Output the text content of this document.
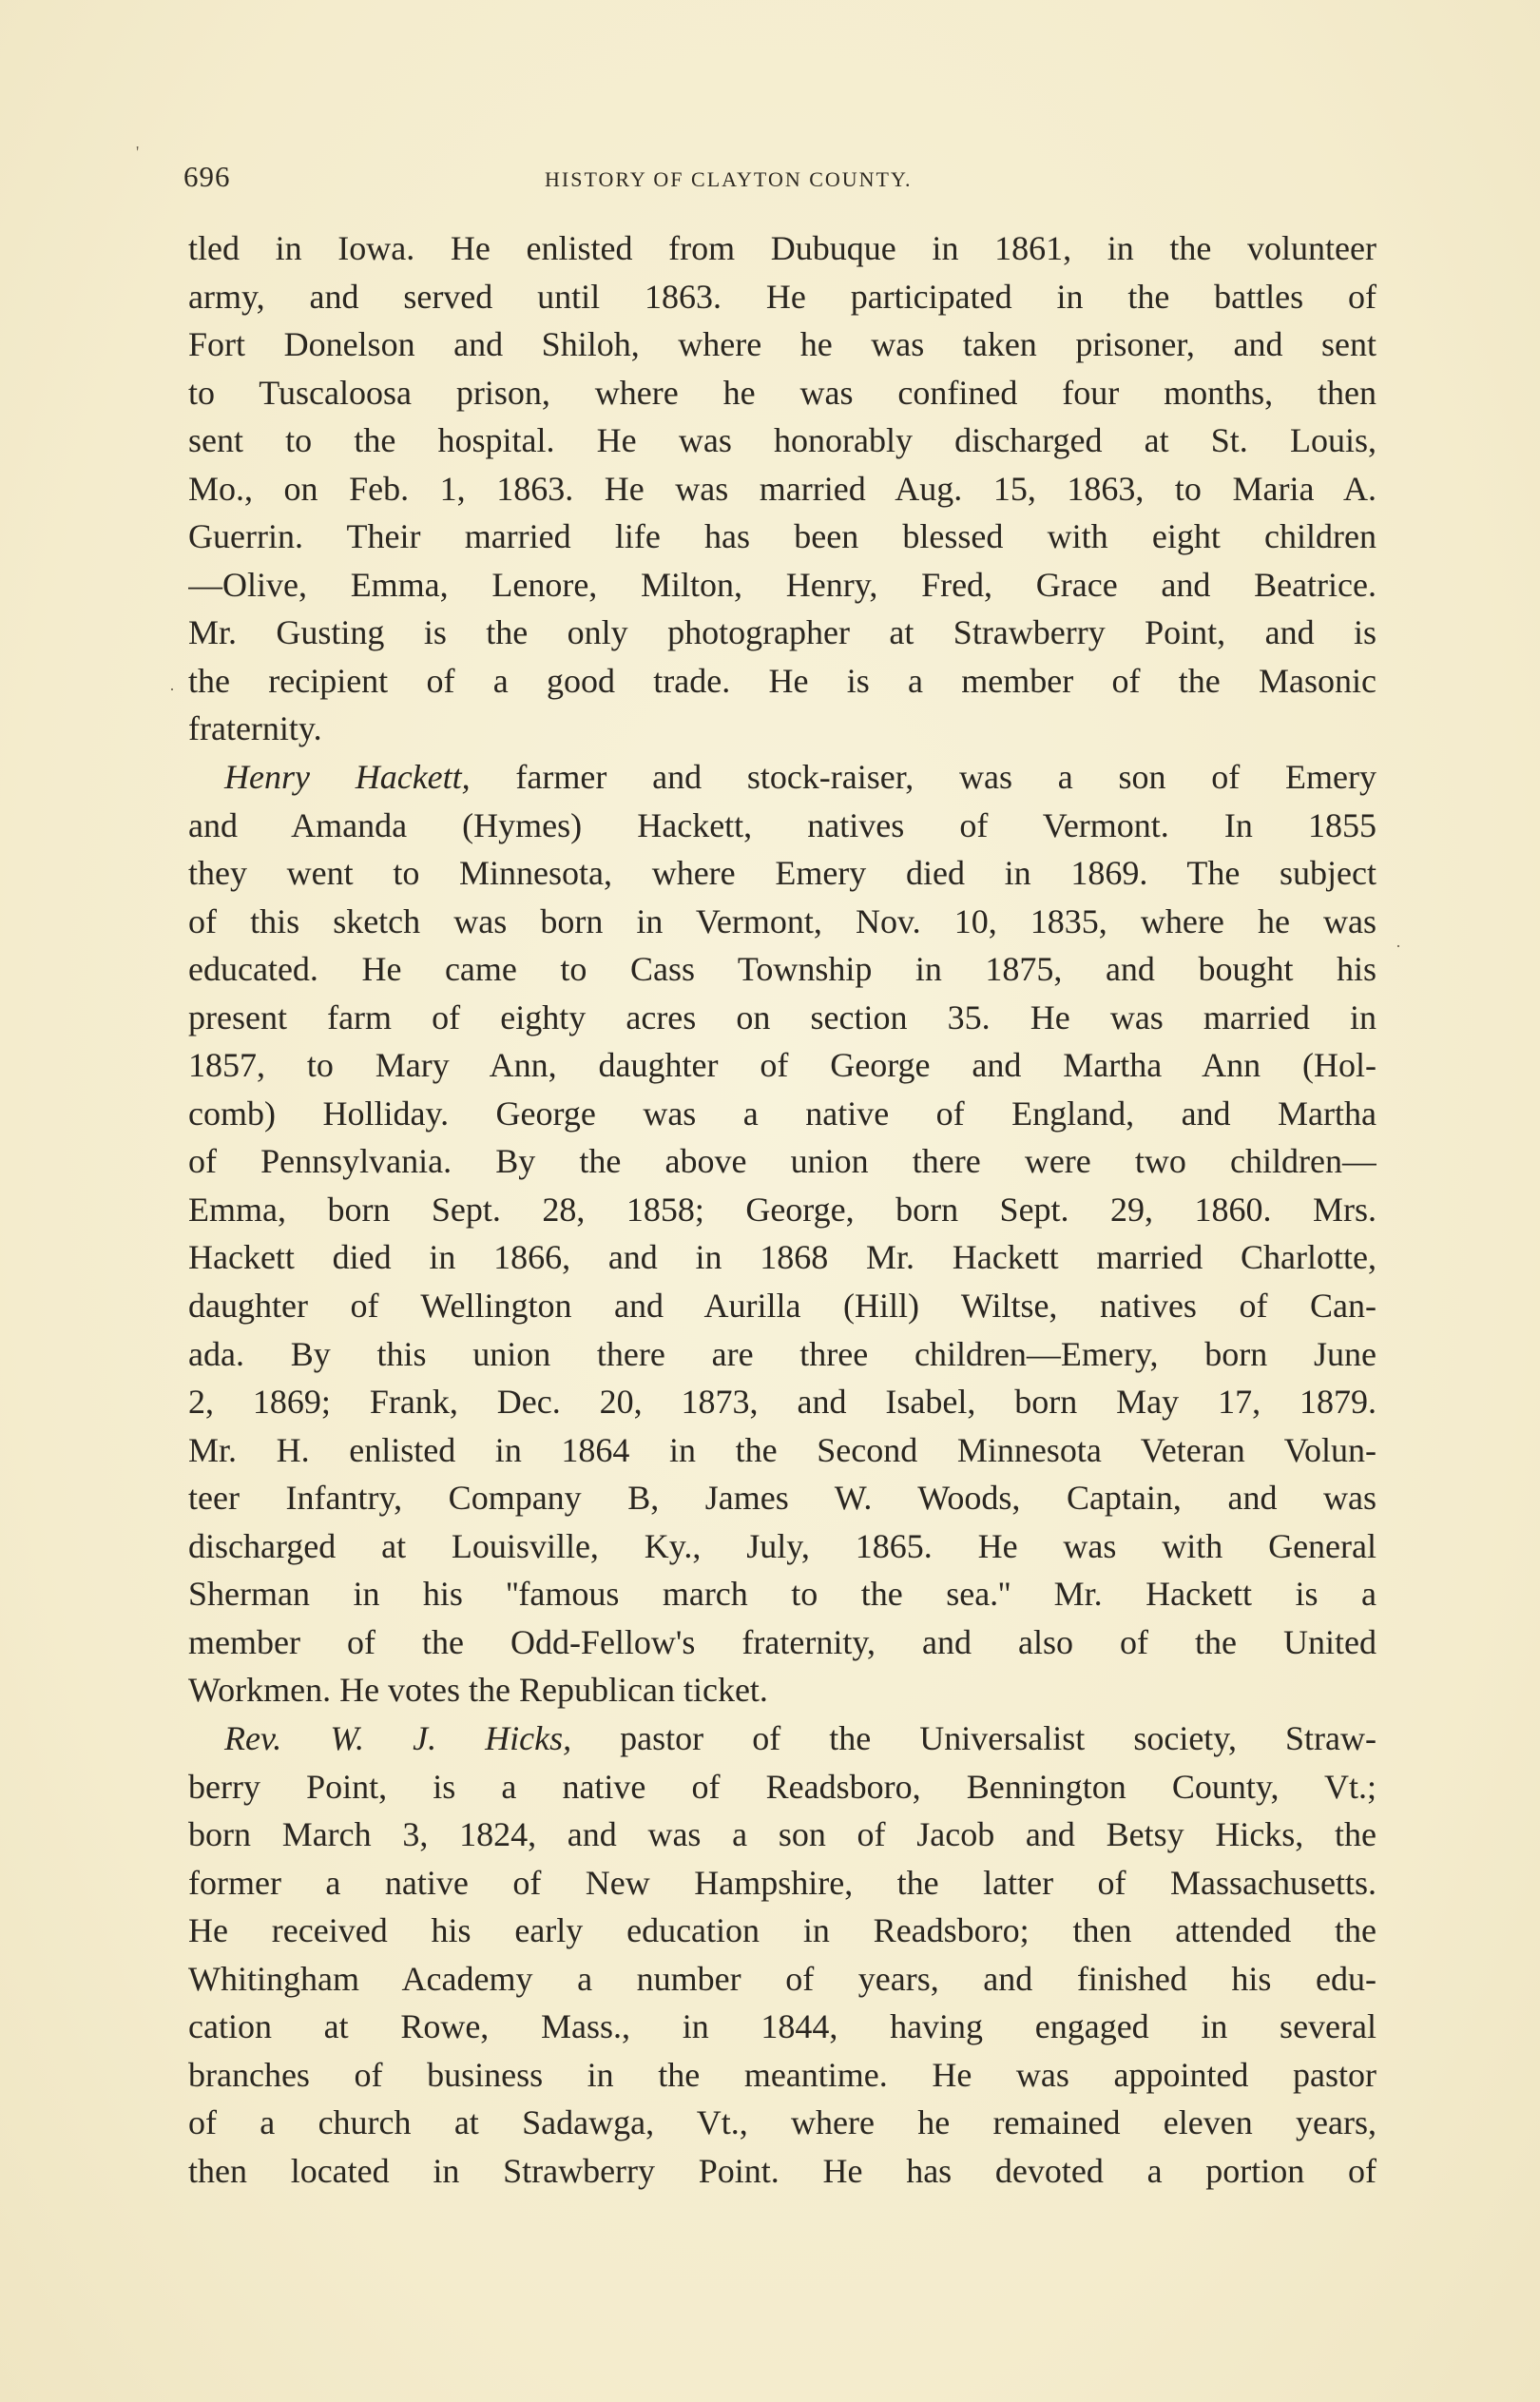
'
·
·
696	HISTORY OF CLAYTON COUNTY.
tled in Iowa. He enlisted from Dubuque in 1861, in the volunteer
army, and served until 1863. He participated in the battles of
Fort Donelson and Shiloh, where he was taken prisoner, and sent
to Tuscaloosa prison, where he was confined four months, then
sent to the hospital. He was honorably discharged at St. Louis,
Mo., on Feb. 1, 1863. He was married Aug. 15, 1863, to Maria A.
Guerrin. Their married life has been blessed with eight children
—Olive, Emma, Lenore, Milton, Henry, Fred, Grace and Beatrice.
Mr. Gusting is the only photographer at Strawberry Point, and is
the recipient of a good trade. He is a member of the Masonic
fraternity.
Henry Hackett, farmer and stock-raiser, was a son of Emery
and Amanda (Hymes) Hackett, natives of Vermont. In 1855
they went to Minnesota, where Emery died in 1869. The subject
of this sketch was born in Vermont, Nov. 10, 1835, where he was
educated. He came to Cass Township in 1875, and bought his
present farm of eighty acres on section 35. He was married in
1857, to Mary Ann, daughter of George and Martha Ann (Hol-
comb) Holliday. George was a native of England, and Martha
of Pennsylvania. By the above union there were two children—
Emma, born Sept. 28, 1858; George, born Sept. 29, 1860. Mrs.
Hackett died in 1866, and in 1868 Mr. Hackett married Charlotte,
daughter of Wellington and Aurilla (Hill) Wiltse, natives of Can-
ada. By this union there are three children—Emery, born June
2, 1869; Frank, Dec. 20, 1873, and Isabel, born May 17, 1879.
Mr. H. enlisted in 1864 in the Second Minnesota Veteran Volun-
teer Infantry, Company B, James W. Woods, Captain, and was
discharged at Louisville, Ky., July, 1865. He was with General
Sherman in his ''famous march to the sea.'' Mr. Hackett is a
member of the Odd-Fellow's fraternity, and also of the United
Workmen. He votes the Republican ticket.
Rev. W. J. Hicks, pastor of the Universalist society, Straw-
berry Point, is a native of Readsboro, Bennington County, Vt.;
born March 3, 1824, and was a son of Jacob and Betsy Hicks, the
former a native of New Hampshire, the latter of Massachusetts.
He received his early education in Readsboro; then attended the
Whitingham Academy a number of years, and finished his edu-
cation at Rowe, Mass., in 1844, having engaged in several
branches of business in the meantime. He was appointed pastor
of a church at Sadawga, Vt., where he remained eleven years,
then located in Strawberry Point. He has devoted a portion of
